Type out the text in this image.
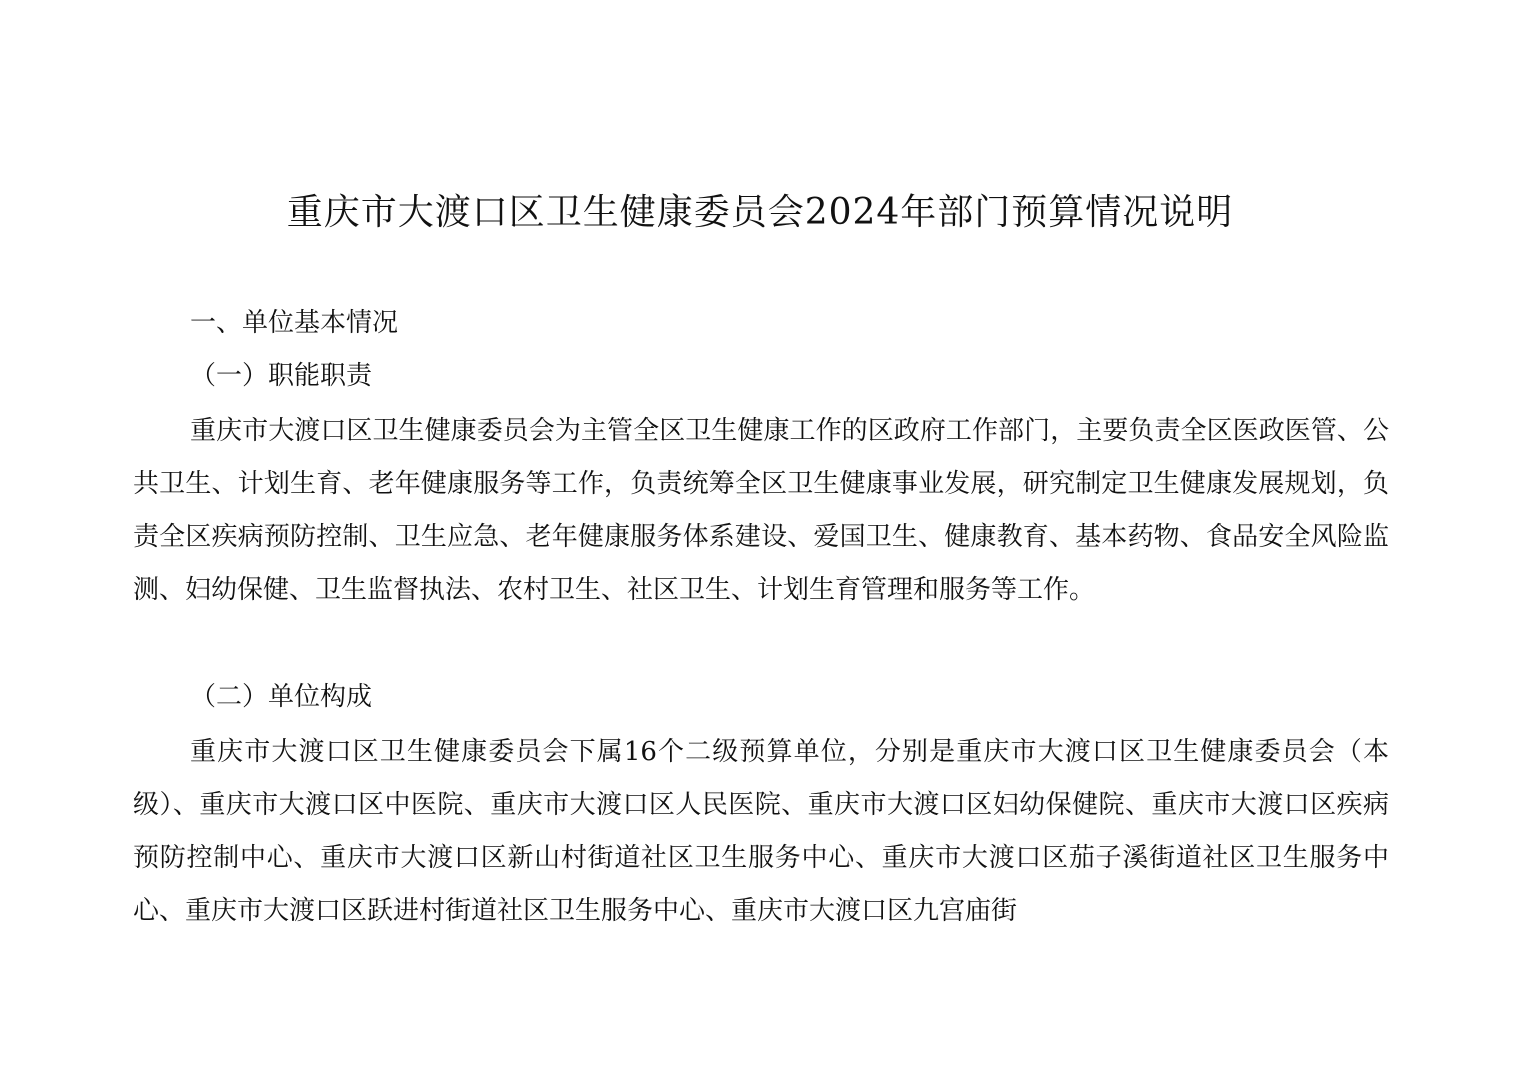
重庆市大渡口区卫生健康委员会2024年部门预算情况说明
一、单位基本情况
（一）职能职责

重庆市大渡口区卫生健康委员会为主管全区卫生健康工作的区政府工作部门，主要负责全区医政医管、公共卫生、计划生育、老年健康服务等工作，负责统筹全区卫生健康事业发展，研究制定卫生健康发展规划，负责全区疾病预防控制、卫生应急、老年健康服务体系建设、爱国卫生、健康教育、基本药物、食品安全风险监测、妇幼保健、卫生监督执法、农村卫生、社区卫生、计划生育管理和服务等工作。

（二）单位构成

重庆市大渡口区卫生健康委员会下属16个二级预算单位，分别是重庆市大渡口区卫生健康委员会（本级）、重庆市大渡口区中医院、重庆市大渡口区人民医院、重庆市大渡口区妇幼保健院、重庆市大渡口区疾病预防控制中心、重庆市大渡口区新山村街道社区卫生服务中心、重庆市大渡口区茄子溪街道社区卫生服务中心、重庆市大渡口区跃进村街道社区卫生服务中心、重庆市大渡口区九宫庙街
